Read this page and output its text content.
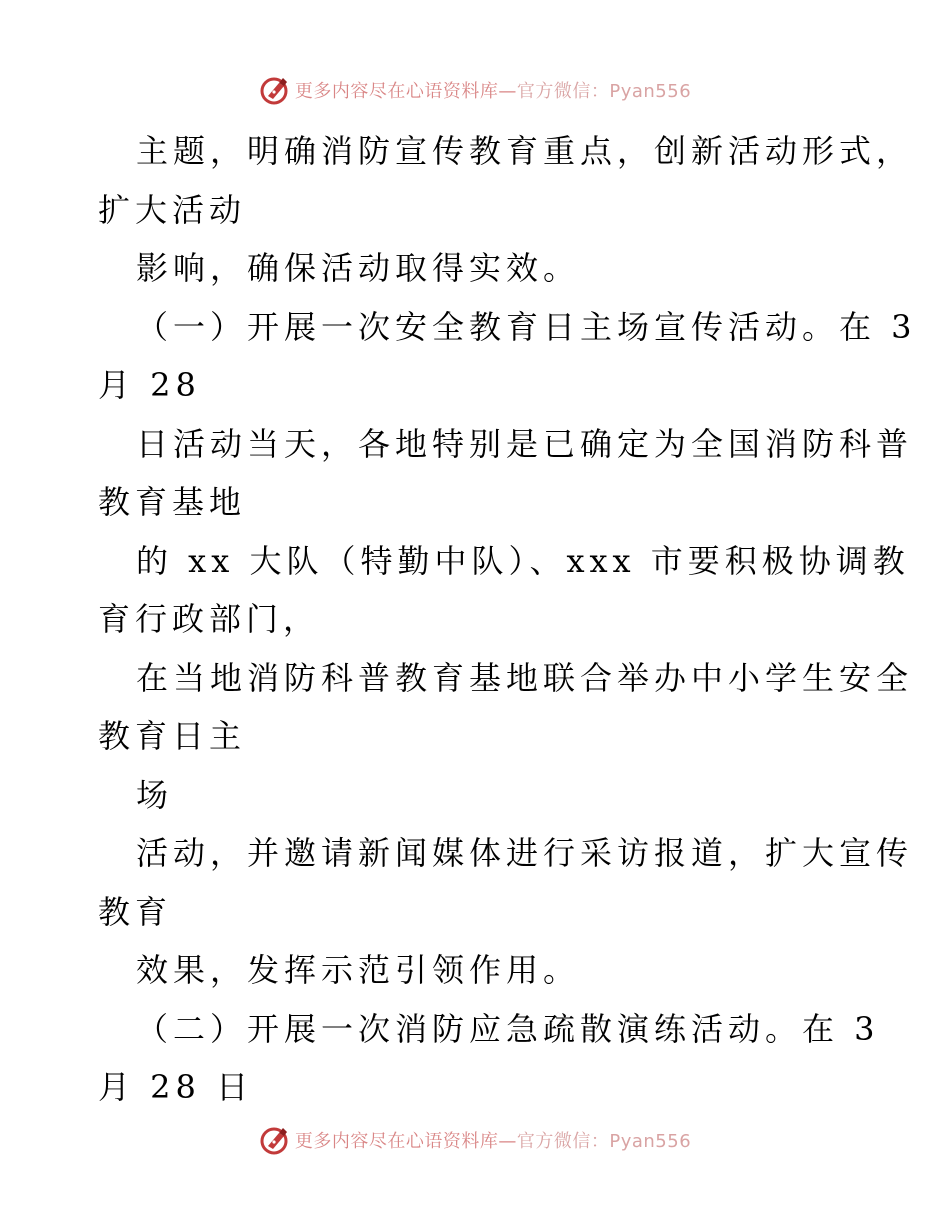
更多内容尽在心语资料库—官方微信：Pyan556
主题，明确消防宣传教育重点，创新活动形式，
扩大活动
影响，确保活动取得实效。
（一）开展一次安全教育日主场宣传活动。在 3
月 28
日活动当天，各地特别是已确定为全国消防科普
教育基地
的 xx 大队（特勤中队）、xxx 市要积极协调教
育行政部门，
在当地消防科普教育基地联合举办中小学生安全
教育日主
场
活动，并邀请新闻媒体进行采访报道，扩大宣传
教育
效果，发挥示范引领作用。
（二）开展一次消防应急疏散演练活动。在 3
月 28 日
更多内容尽在心语资料库—官方微信：Pyan556
